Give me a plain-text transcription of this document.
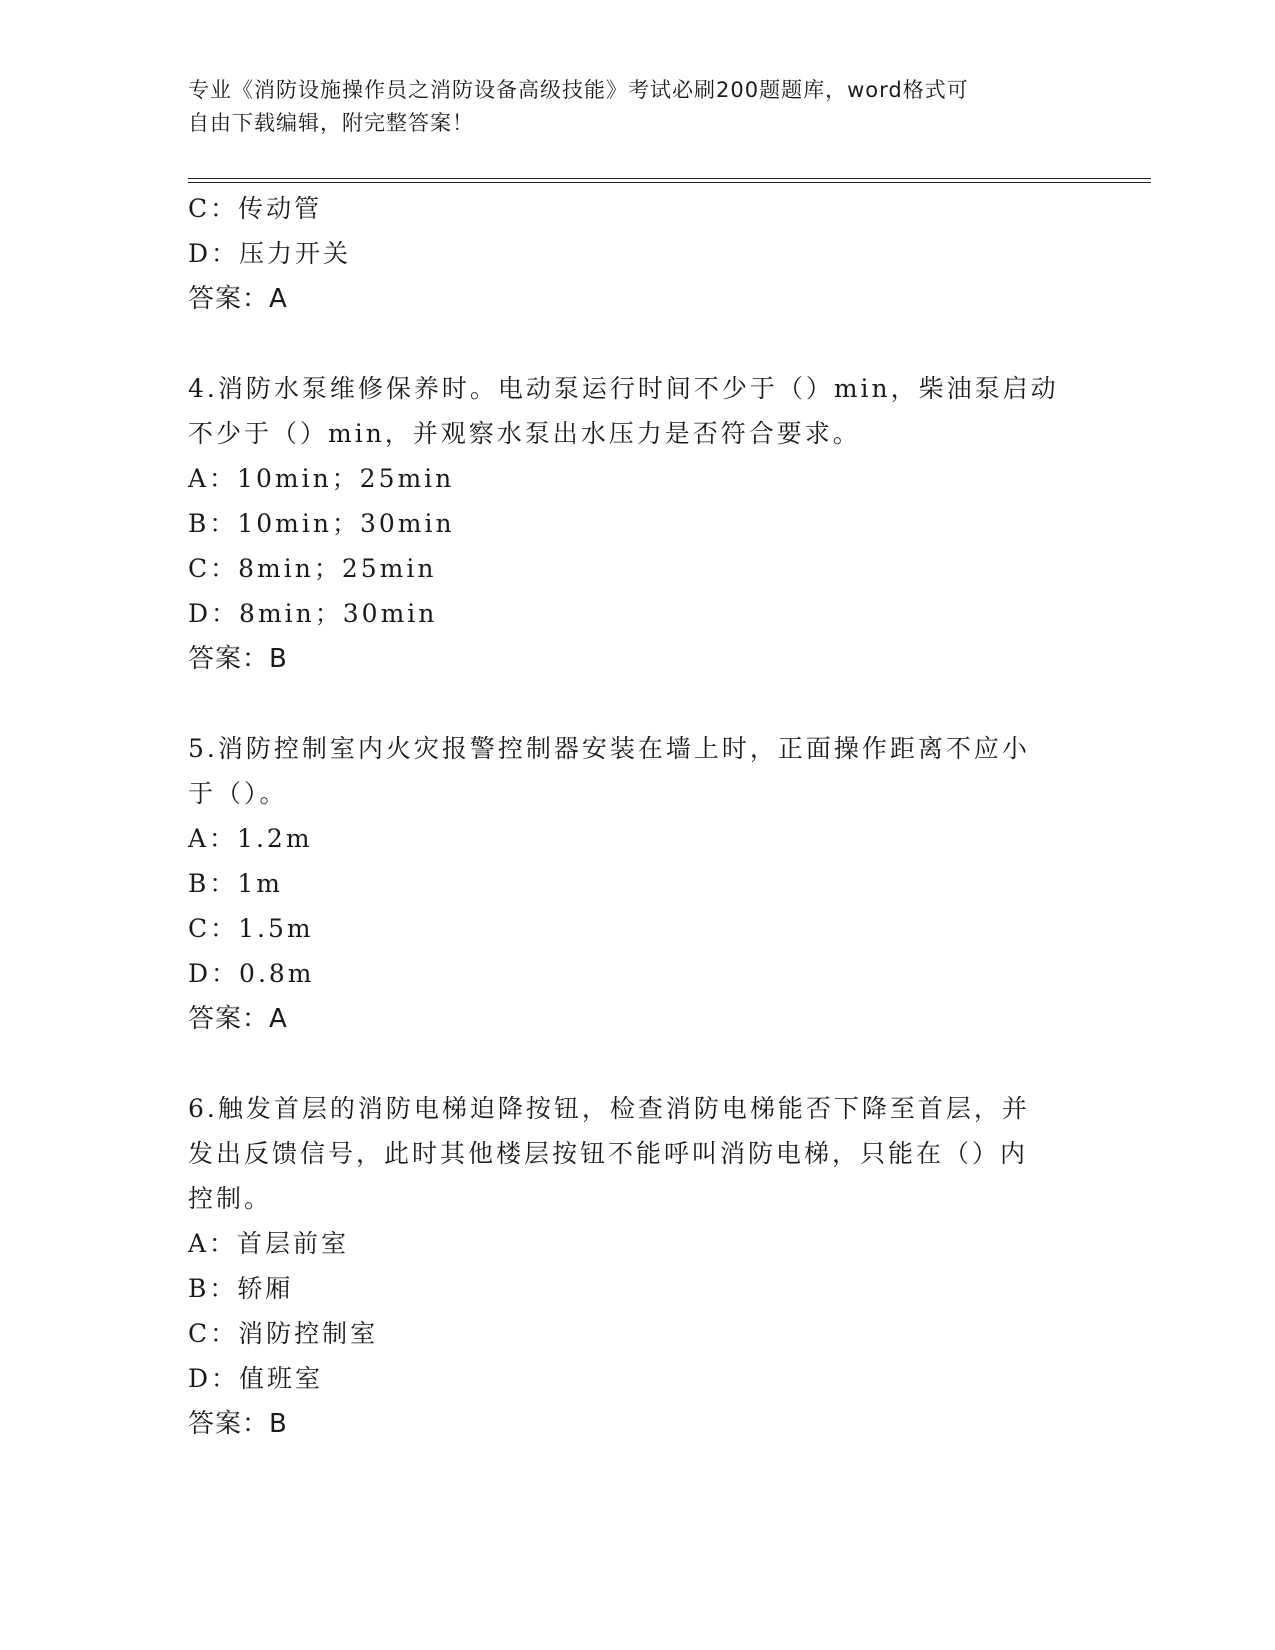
专业《消防设施操作员之消防设备高级技能》考试必刷200题题库，word格式可
自由下载编辑，附完整答案！
C：传动管
D：压力开关
答案：A
4.消防水泵维修保养时。电动泵运行时间不少于（）min，柴油泵启动
不少于（）min，并观察水泵出水压力是否符合要求。
A：10min；25min
B：10min；30min
C：8min；25min
D：8min；30min
答案：B
5.消防控制室内火灾报警控制器安装在墙上时，正面操作距离不应小
于（）。
A：1.2m
B：1m
C：1.5m
D：0.8m
答案：A
6.触发首层的消防电梯迫降按钮，检查消防电梯能否下降至首层，并
发出反馈信号，此时其他楼层按钮不能呼叫消防电梯，只能在（）内
控制。
A：首层前室
B：轿厢
C：消防控制室
D：值班室
答案：B
